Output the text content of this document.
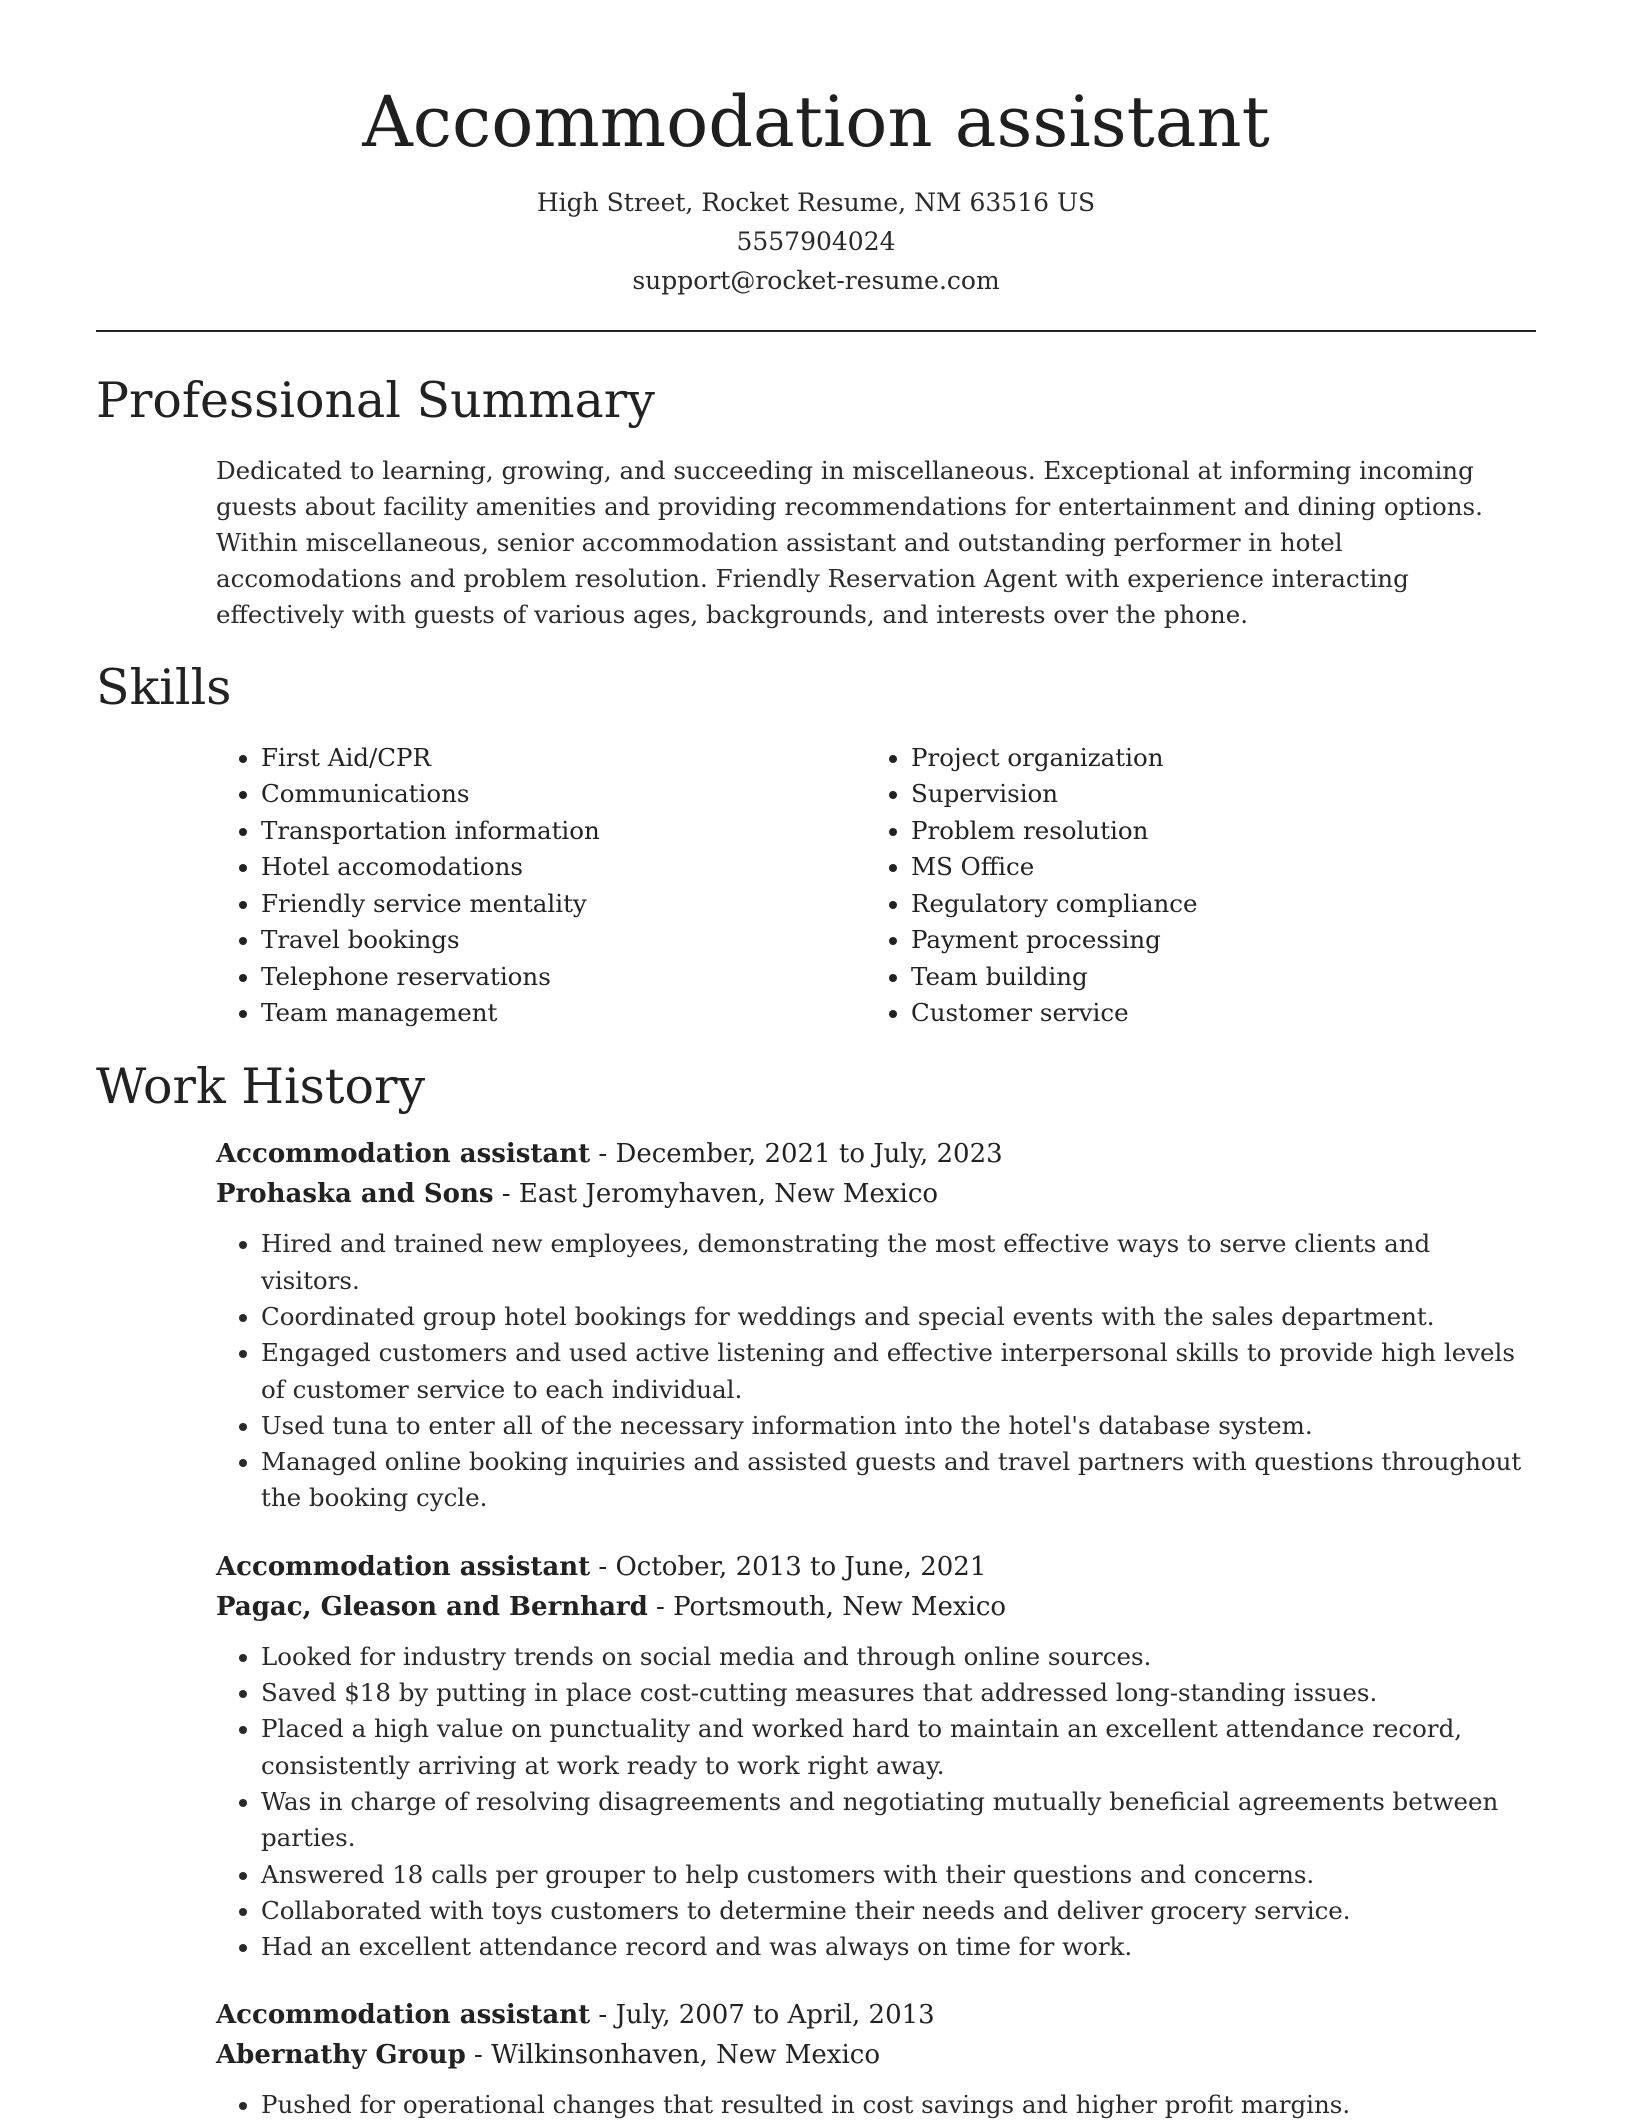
Accommodation assistant
High Street, Rocket Resume, NM 63516 US
5557904024
support@rocket-resume.com
Professional Summary

Dedicated to learning, growing, and succeeding in miscellaneous. Exceptional at informing incoming guests about facility amenities and providing recommendations for entertainment and dining options. Within miscellaneous, senior accommodation assistant and outstanding performer in hotel accomodations and problem resolution. Friendly Reservation Agent with experience interacting effectively with guests of various ages, backgrounds, and interests over the phone.

Skills
• First Aid/CPR
• Communications
• Transportation information
• Hotel accomodations
• Friendly service mentality
• Travel bookings
• Telephone reservations
• Team management
• Project organization
• Supervision
• Problem resolution
• MS Office
• Regulatory compliance
• Payment processing
• Team building
• Customer service
Work History
Accommodation assistant - December, 2021 to July, 2023
Prohaska and Sons - East Jeromyhaven, New Mexico
• Hired and trained new employees, demonstrating the most effective ways to serve clients and visitors.
• Coordinated group hotel bookings for weddings and special events with the sales department.
• Engaged customers and used active listening and effective interpersonal skills to provide high levels of customer service to each individual.
• Used tuna to enter all of the necessary information into the hotel's database system.
• Managed online booking inquiries and assisted guests and travel partners with questions throughout the booking cycle.
Accommodation assistant - October, 2013 to June, 2021
Pagac, Gleason and Bernhard - Portsmouth, New Mexico
• Looked for industry trends on social media and through online sources.
• Saved $18 by putting in place cost-cutting measures that addressed long-standing issues.
• Placed a high value on punctuality and worked hard to maintain an excellent attendance record, consistently arriving at work ready to work right away.
• Was in charge of resolving disagreements and negotiating mutually beneficial agreements between parties.
• Answered 18 calls per grouper to help customers with their questions and concerns.
• Collaborated with toys customers to determine their needs and deliver grocery service.
• Had an excellent attendance record and was always on time for work.
Accommodation assistant - July, 2007 to April, 2013
Abernathy Group - Wilkinsonhaven, New Mexico
• Pushed for operational changes that resulted in cost savings and higher profit margins.
